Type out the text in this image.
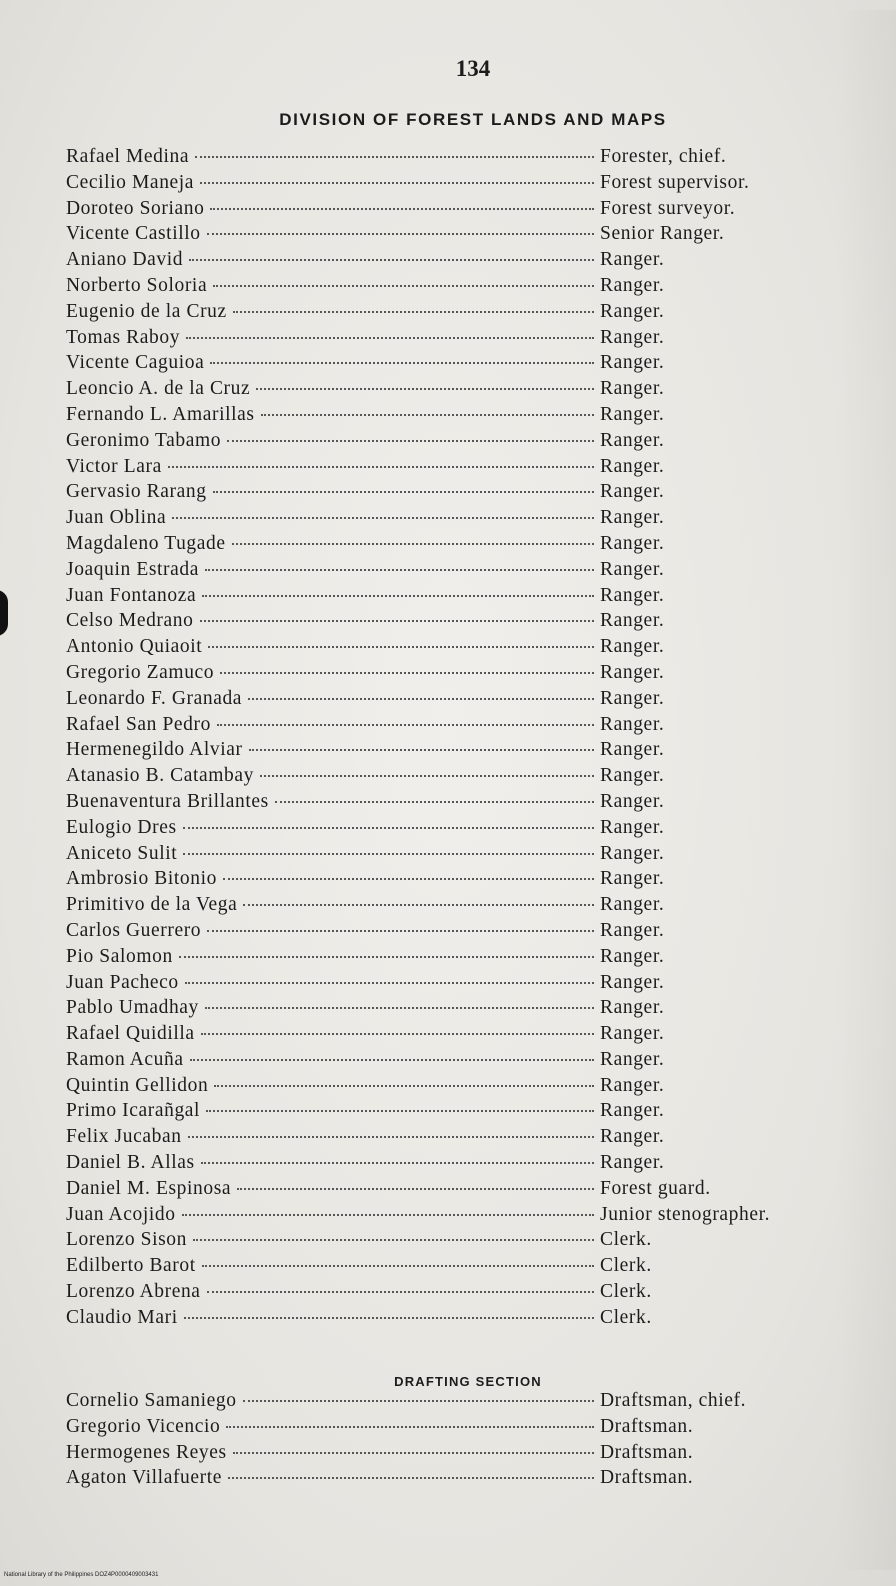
134
DIVISION OF FOREST LANDS AND MAPS
Rafael Medina	Forester, chief.
Cecilio Maneja	Forest supervisor.
Doroteo Soriano	Forest surveyor.
Vicente Castillo	Senior Ranger.
Aniano David	Ranger.
Norberto Soloria	Ranger.
Eugenio de la Cruz	Ranger.
Tomas Raboy	Ranger.
Vicente Caguioa	Ranger.
Leoncio A. de la Cruz	Ranger.
Fernando L. Amarillas	Ranger.
Geronimo Tabamo	Ranger.
Victor Lara	Ranger.
Gervasio Rarang	Ranger.
Juan Oblina	Ranger.
Magdaleno Tugade	Ranger.
Joaquin Estrada	Ranger.
Juan Fontanoza	Ranger.
Celso Medrano	Ranger.
Antonio Quiaoit	Ranger.
Gregorio Zamuco	Ranger.
Leonardo F. Granada	Ranger.
Rafael San Pedro	Ranger.
Hermenegildo Alviar	Ranger.
Atanasio B. Catambay	Ranger.
Buenaventura Brillantes	Ranger.
Eulogio Dres	Ranger.
Aniceto Sulit	Ranger.
Ambrosio Bitonio	Ranger.
Primitivo de la Vega	Ranger.
Carlos Guerrero	Ranger.
Pio Salomon	Ranger.
Juan Pacheco	Ranger.
Pablo Umadhay	Ranger.
Rafael Quidilla	Ranger.
Ramon Acuña	Ranger.
Quintin Gellidon	Ranger.
Primo Icarañgal	Ranger.
Felix Jucaban	Ranger.
Daniel B. Allas	Ranger.
Daniel M. Espinosa	Forest guard.
Juan Acojido	Junior stenographer.
Lorenzo Sison	Clerk.
Edilberto Barot	Clerk.
Lorenzo Abrena	Clerk.
Claudio Mari	Clerk.
DRAFTING SECTION
Cornelio Samaniego	Draftsman, chief.
Gregorio Vicencio	Draftsman.
Hermogenes Reyes	Draftsman.
Agaton Villafuerte	Draftsman.
National Library of the Philippines DOZ4P0000409003431
